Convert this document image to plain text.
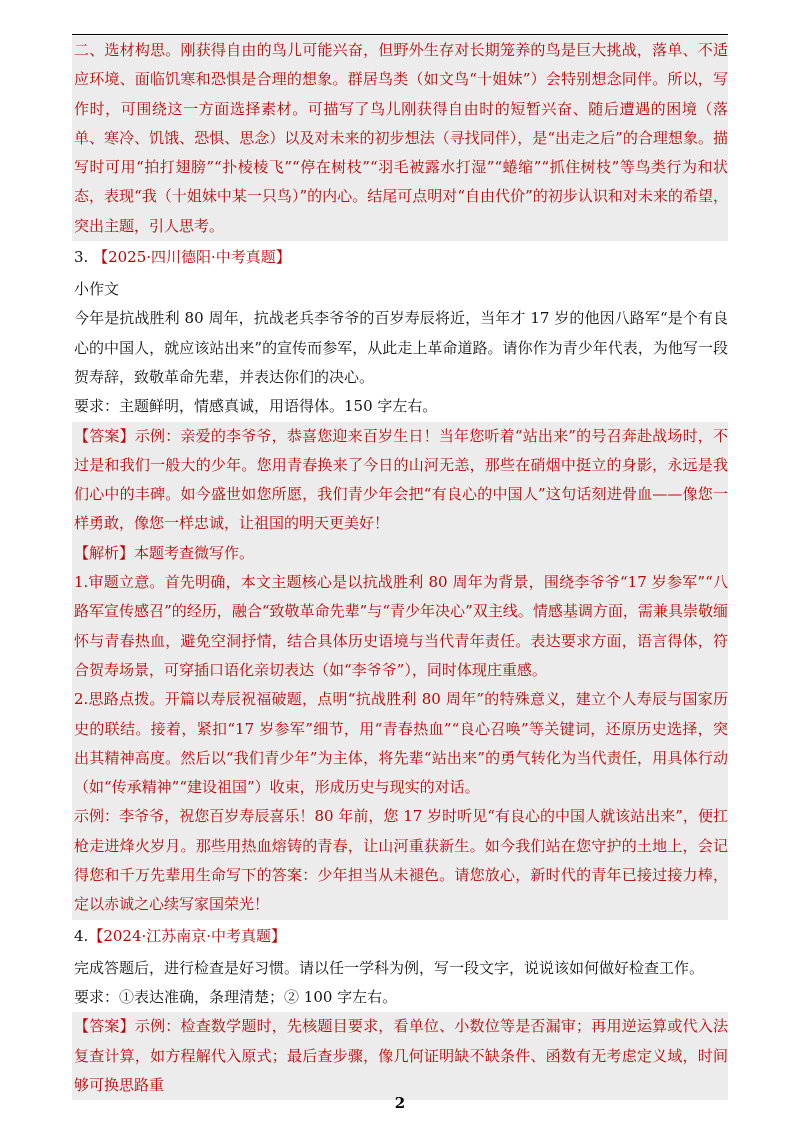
二、选材构思。刚获得自由的鸟儿可能兴奋，但野外生存对长期笼养的鸟是巨大挑战，落单、不适应环境、面临饥寒和恐惧是合理的想象。群居鸟类（如文鸟“十姐妹”）会特别想念同伴。所以，写作时，可围绕这一方面选择素材。可描写了鸟儿刚获得自由时的短暂兴奋、随后遭遇的困境（落单、寒冷、饥饿、恐惧、思念）以及对未来的初步想法（寻找同伴），是“出走之后”的合理想象。描写时可用“拍打翅膀”“扑棱棱飞”“停在树枝”“羽毛被露水打湿”“蜷缩”“抓住树枝”等鸟类行为和状态，表现“我（十姐妹中某一只鸟）”的内心。结尾可点明对“自由代价”的初步认识和对未来的希望，突出主题，引人思考。

3. 【2025·四川德阳·中考真题】

小作文

今年是抗战胜利 80 周年，抗战老兵李爷爷的百岁寿辰将近，当年才 17 岁的他因八路军“是个有良心的中国人，就应该站出来”的宣传而参军，从此走上革命道路。请你作为青少年代表，为他写一段贺寿辞，致敬革命先辈，并表达你们的决心。

要求：主题鲜明，情感真诚，用语得体。150 字左右。

【答案】示例：亲爱的李爷爷，恭喜您迎来百岁生日！当年您听着“站出来”的号召奔赴战场时，不过是和我们一般大的少年。您用青春换来了今日的山河无恙，那些在硝烟中挺立的身影，永远是我们心中的丰碑。如今盛世如您所愿，我们青少年会把“有良心的中国人”这句话刻进骨血——像您一样勇敢，像您一样忠诚，让祖国的明天更美好！

【解析】本题考查微写作。

1.审题立意。首先明确，本文主题核心是以抗战胜利 80 周年为背景，围绕李爷爷“17 岁参军”“八路军宣传感召”的经历，融合“致敬革命先辈”与“青少年决心”双主线。情感基调方面，需兼具崇敬缅怀与青春热血，避免空洞抒情，结合具体历史语境与当代青年责任。表达要求方面，语言得体，符合贺寿场景，可穿插口语化亲切表达（如“李爷爷”），同时体现庄重感。

2.思路点拨。开篇以寿辰祝福破题，点明“抗战胜利 80 周年”的特殊意义，建立个人寿辰与国家历史的联结。接着，紧扣“17 岁参军”细节，用“青春热血”“良心召唤”等关键词，还原历史选择，突出其精神高度。然后以“我们青少年”为主体，将先辈“站出来”的勇气转化为当代责任，用具体行动（如“传承精神”“建设祖国”）收束，形成历史与现实的对话。

示例：李爷爷，祝您百岁寿辰喜乐！80 年前，您 17 岁时听见“有良心的中国人就该站出来”，便扛枪走进烽火岁月。那些用热血熔铸的青春，让山河重获新生。如今我们站在您守护的土地上，会记得您和千万先辈用生命写下的答案：少年担当从未褪色。请您放心，新时代的青年已接过接力棒，定以赤诚之心续写家国荣光！

4.【2024·江苏南京·中考真题】

完成答题后，进行检查是好习惯。请以任一学科为例，写一段文字，说说该如何做好检查工作。

要求：①表达准确，条理清楚；② 100 字左右。

【答案】示例：检查数学题时，先核题目要求，看单位、小数位等是否漏审；再用逆运算或代入法复查计算，如方程解代入原式；最后查步骤，像几何证明缺不缺条件、函数有无考虑定义域，时间够可换思路重

2
